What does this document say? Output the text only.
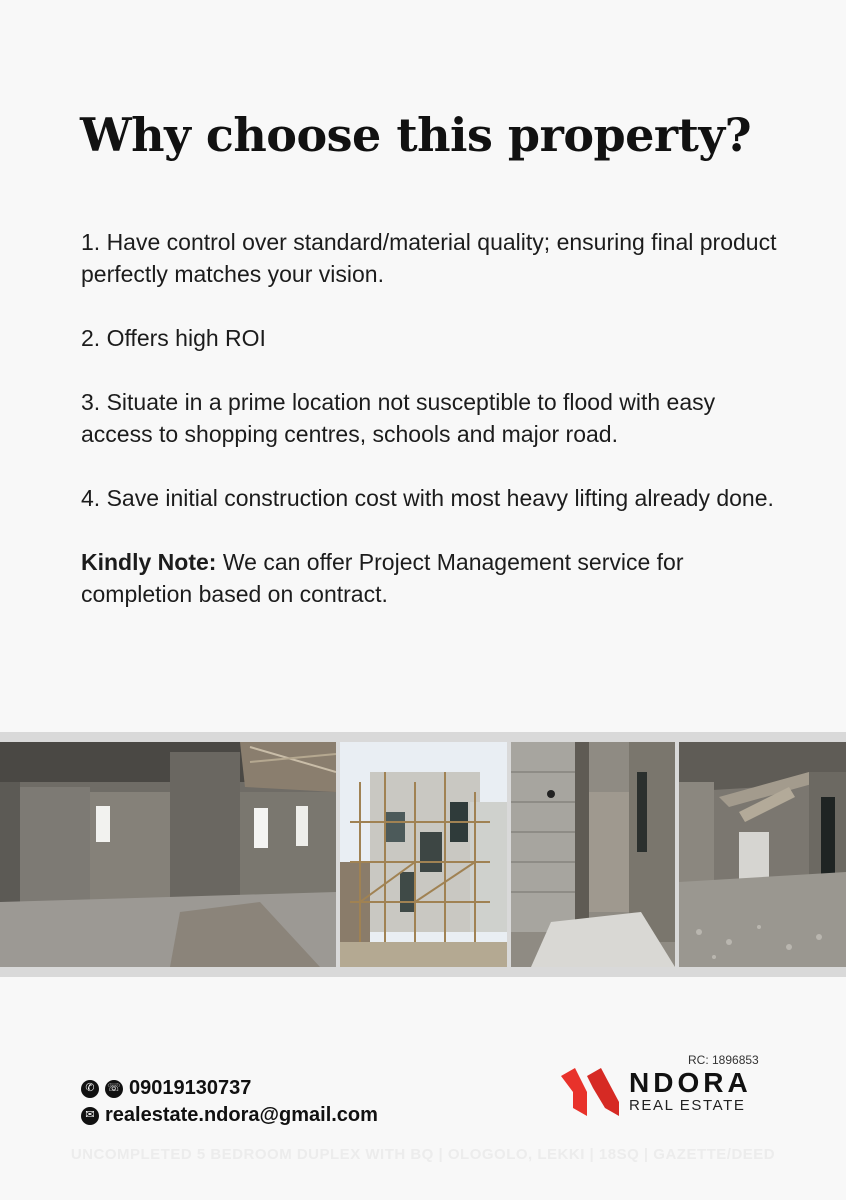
Why choose this property?

1. Have control over standard/material quality; ensuring final product perfectly matches your vision.

2. Offers high ROI

3. Situate in a prime location not susceptible to flood with easy access to shopping centres, schools and major road.

4. Save initial construction cost with most heavy lifting already done.

Kindly Note: We can offer Project Management service for completion based on contract.

RC: 1896853
✆	☏ 09019130737
✉ realestate.ndora@gmail.com
NDORA
REAL ESTATE
UNCOMPLETED 5 BEDROOM DUPLEX WITH BQ | OLOGOLO, LEKKI | 18SQ | GAZETTE/DEED
